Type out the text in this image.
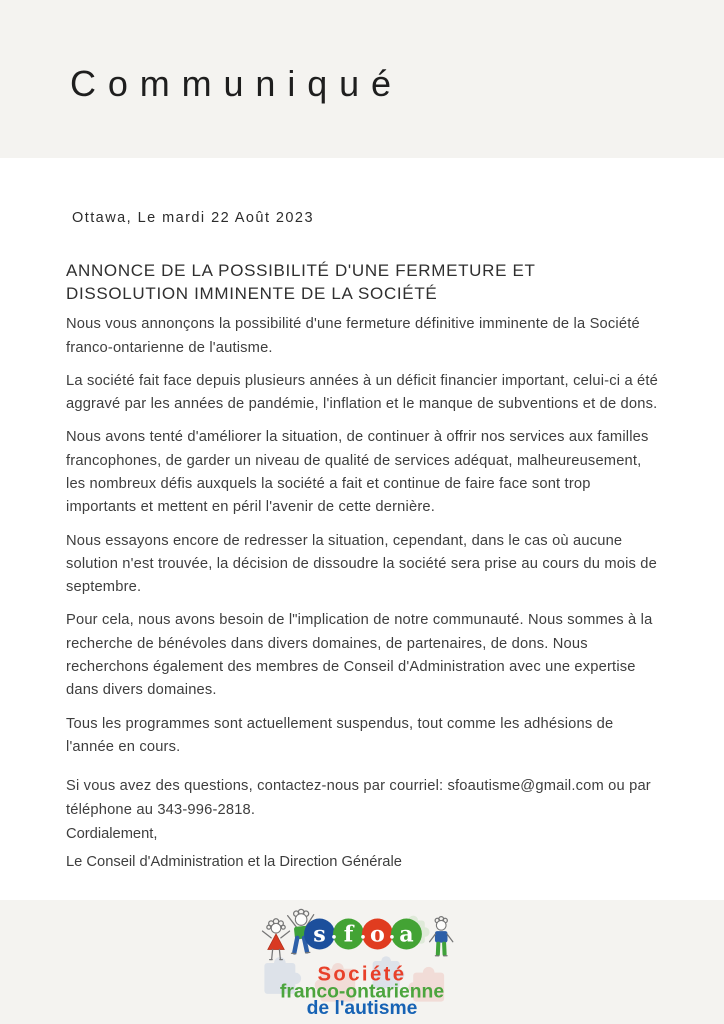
Communiqué

Ottawa, Le mardi 22 Août 2023

ANNONCE DE LA POSSIBILITÉ D'UNE FERMETURE ET DISSOLUTION IMMINENTE DE LA SOCIÉTÉ

Nous vous annonçons la possibilité d'une fermeture définitive imminente de la Société franco-ontarienne de l'autisme.

La société fait face depuis plusieurs années à un déficit financier important, celui-ci a été aggravé par les années de pandémie, l'inflation et le manque de subventions et de dons.

Nous avons tenté d'améliorer la situation, de continuer à offrir nos services aux familles francophones, de garder un niveau de qualité de services adéquat, malheureusement, les nombreux défis auxquels la société a fait et continue de faire face sont trop importants et mettent en péril l'avenir de cette dernière.

Nous essayons encore de redresser la situation, cependant, dans le cas où aucune solution n'est trouvée, la décision de dissoudre la société sera prise au cours du mois de septembre.

Pour cela, nous avons besoin de l"implication de notre communauté. Nous sommes à la recherche de bénévoles dans divers domaines, de partenaires, de dons. Nous recherchons également des membres de Conseil d'Administration avec une expertise dans divers domaines.

Tous les programmes sont actuellement suspendus, tout comme les adhésions de l'année en cours.

Si vous avez des questions, contactez-nous par courriel: sfoautisme@gmail.com ou par téléphone au 343-996-2818.

Cordialement,

Le Conseil d'Administration et la Direction Générale

s f o a
Société
franco-ontarienne
de l'autisme
